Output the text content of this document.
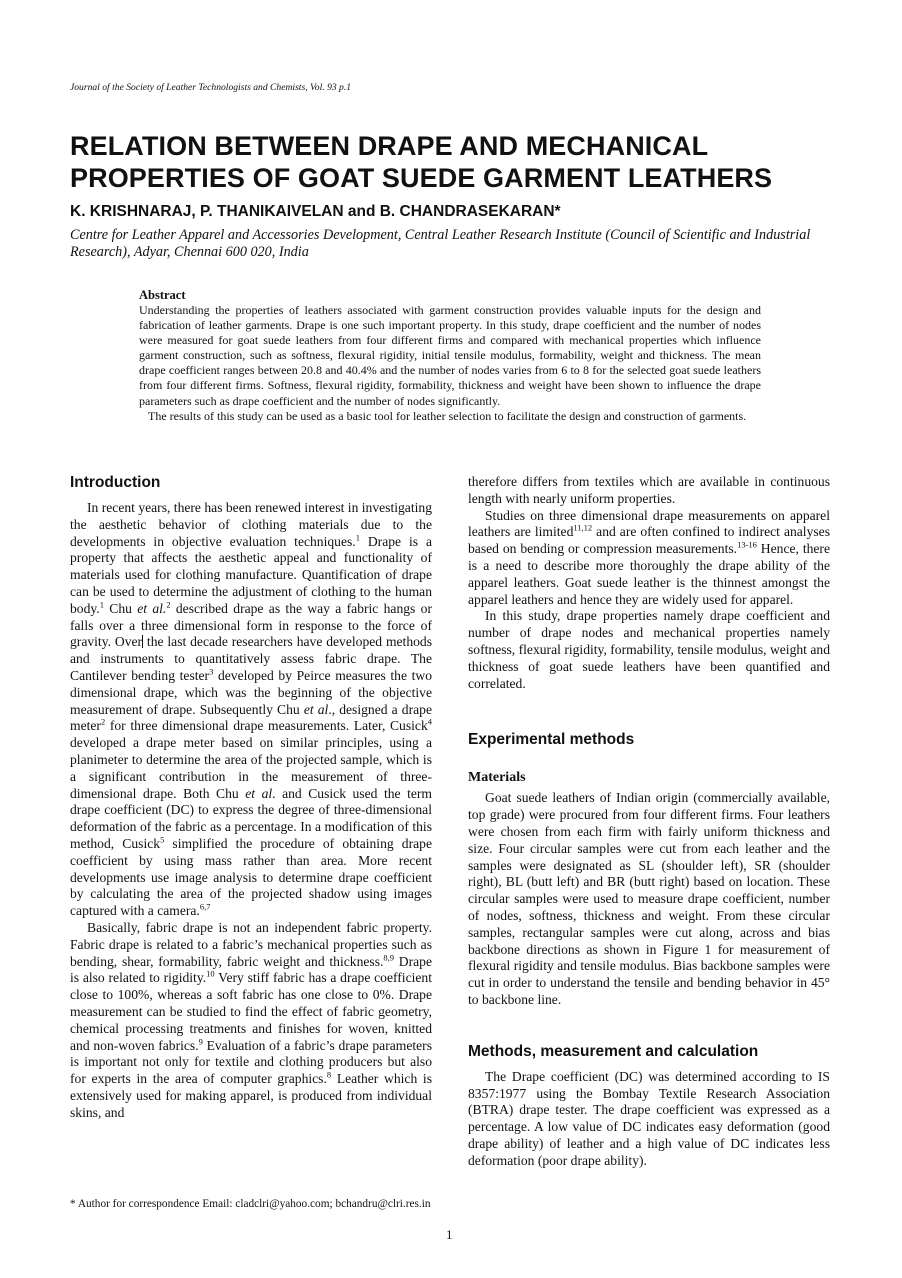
Journal of the Society of Leather Technologists and Chemists, Vol. 93 p.1
RELATION BETWEEN DRAPE AND MECHANICAL
PROPERTIES OF GOAT SUEDE GARMENT LEATHERS
K. KRISHNARAJ, P. THANIKAIVELAN and B. CHANDRASEKARAN*
Centre for Leather Apparel and Accessories Development, Central Leather Research Institute (Council of Scientific and Industrial Research), Adyar, Chennai 600 020, India
Abstract

Understanding the properties of leathers associated with garment construction provides valuable inputs for the design and fabrication of leather garments. Drape is one such important property. In this study, drape coefficient and the number of nodes were measured for goat suede leathers from four different firms and compared with mechanical properties which influence garment construction, such as softness, flexural rigidity, initial tensile modulus, formability, weight and thickness. The mean drape coefficient ranges between 20.8 and 40.4% and the number of nodes varies from 6 to 8 for the selected goat suede leathers from four different firms. Softness, flexural rigidity, formability, thickness and weight have been shown to influence the drape parameters such as drape coefficient and the number of nodes significantly.

The results of this study can be used as a basic tool for leather selection to facilitate the design and construction of garments.

Introduction

In recent years, there has been renewed interest in investigating the aesthetic behavior of clothing materials due to the developments in objective evaluation techniques.$^1$ Drape is a property that affects the aesthetic appeal and functionality of materials used for clothing manufacture. Quantification of drape can be used to determine the adjustment of clothing to the human body.$^1$ Chu et al.$^2$ described drape as the way a fabric hangs or falls over a three dimensional form in response to the force of gravity. Over the last decade researchers have developed methods and instruments to quantitatively assess fabric drape. The Cantilever bending tester$^3$ developed by Peirce measures the two dimensional drape, which was the beginning of the objective measurement of drape. Subsequently Chu et al., designed a drape meter$^2$ for three dimensional drape measurements. Later, Cusick$^4$ developed a drape meter based on similar principles, using a planimeter to determine the area of the projected sample, which is a significant contribution in the measurement of three-dimensional drape. Both Chu et al. and Cusick used the term drape coefficient (DC) to express the degree of three-dimensional deformation of the fabric as a percentage. In a modification of this method, Cusick$^5$ simplified the procedure of obtaining drape coefficient by using mass rather than area. More recent developments use image analysis to determine drape coefficient by calculating the area of the projected shadow using images captured with a camera.$^{6,7}$

Basically, fabric drape is not an independent fabric property. Fabric drape is related to a fabric’s mechanical properties such as bending, shear, formability, fabric weight and thickness.$^{8,9}$ Drape is also related to rigidity.$^{10}$ Very stiff fabric has a drape coefficient close to 100%, whereas a soft fabric has one close to 0%. Drape measurement can be studied to find the effect of fabric geometry, chemical processing treatments and finishes for woven, knitted and non-woven fabrics.$^9$ Evaluation of a fabric’s drape parameters is important not only for textile and clothing producers but also for experts in the area of computer graphics.$^8$ Leather which is extensively used for making apparel, is produced from individual skins, and

* Author for correspondence Email: cladclri@yahoo.com; bchandru@clri.res.in

therefore differs from textiles which are available in continuous length with nearly uniform properties.

Studies on three dimensional drape measurements on apparel leathers are limited$^{11,12}$ and are often confined to indirect analyses based on bending or compression measurements.$^{13-16}$ Hence, there is a need to describe more thoroughly the drape ability of the apparel leathers. Goat suede leather is the thinnest amongst the apparel leathers and hence they are widely used for apparel.

In this study, drape properties namely drape coefficient and number of drape nodes and mechanical properties namely softness, flexural rigidity, formability, tensile modulus, weight and thickness of goat suede leathers have been quantified and correlated.

Experimental methods
Materials

Goat suede leathers of Indian origin (commercially available, top grade) were procured from four different firms. Four leathers were chosen from each firm with fairly uniform thickness and size. Four circular samples were cut from each leather and the samples were designated as SL (shoulder left), SR (shoulder right), BL (butt left) and BR (butt right) based on location. These circular samples were used to measure drape coefficient, number of nodes, softness, thickness and weight. From these circular samples, rectangular samples were cut along, across and bias backbone directions as shown in Figure 1 for measurement of flexural rigidity and tensile modulus. Bias backbone samples were cut in order to understand the tensile and bending behavior in 45° to backbone line.

Methods, measurement and calculation

The Drape coefficient (DC) was determined according to IS 8357:1977 using the Bombay Textile Research Association (BTRA) drape tester. The drape coefficient was expressed as a percentage. A low value of DC indicates easy deformation (good drape ability) of leather and a high value of DC indicates less deformation (poor drape ability).

1
